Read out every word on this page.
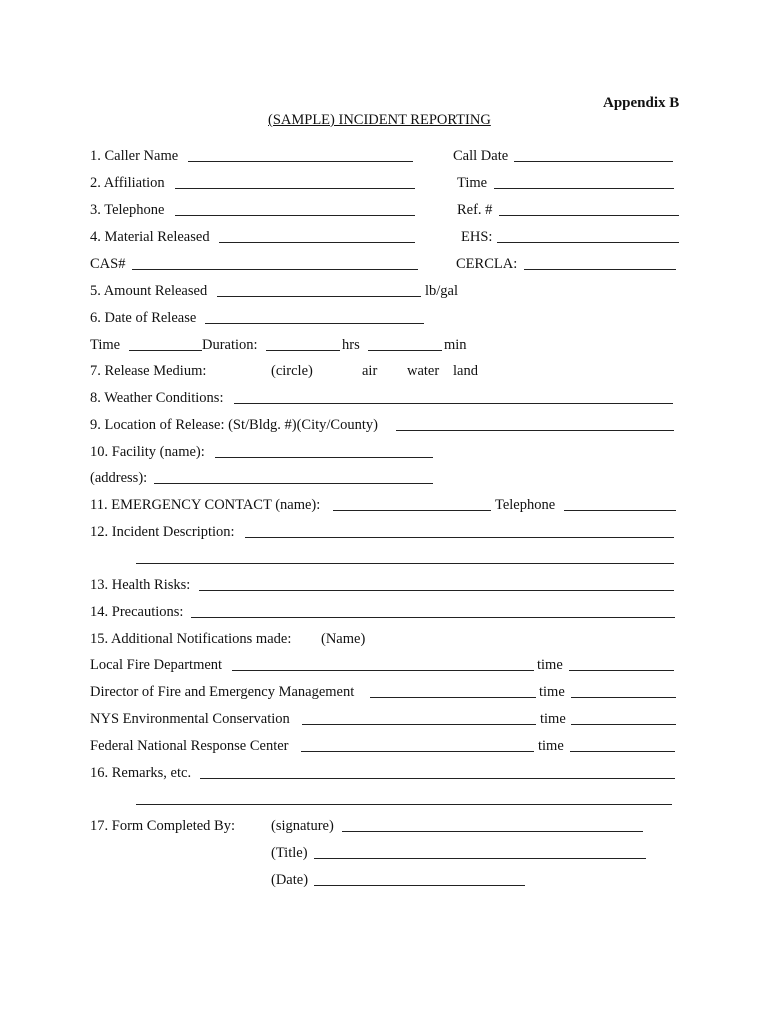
Appendix B
(SAMPLE) INCIDENT REPORTING
1. Caller Name	Call Date
2. Affiliation	Time
3. Telephone	Ref. #
4. Material Released	EHS:
CAS#	CERCLA:
5. Amount Released	lb/gal
6. Date of Release
Time	Duration:	hrs	min
7. Release Medium:	(circle)	air water land
8. Weather Conditions:
9. Location of Release: (St/Bldg. #)(City/County)
10. Facility (name):
(address):
11. EMERGENCY CONTACT (name):	Telephone
12. Incident Description:
13. Health Risks:
14. Precautions:
15. Additional Notifications made: (Name)
Local Fire Department	time
Director of Fire and Emergency Management	time
NYS Environmental Conservation	time
Federal National Response Center	time
16. Remarks, etc.
17. Form Completed By: (signature)
(Title)
(Date)
